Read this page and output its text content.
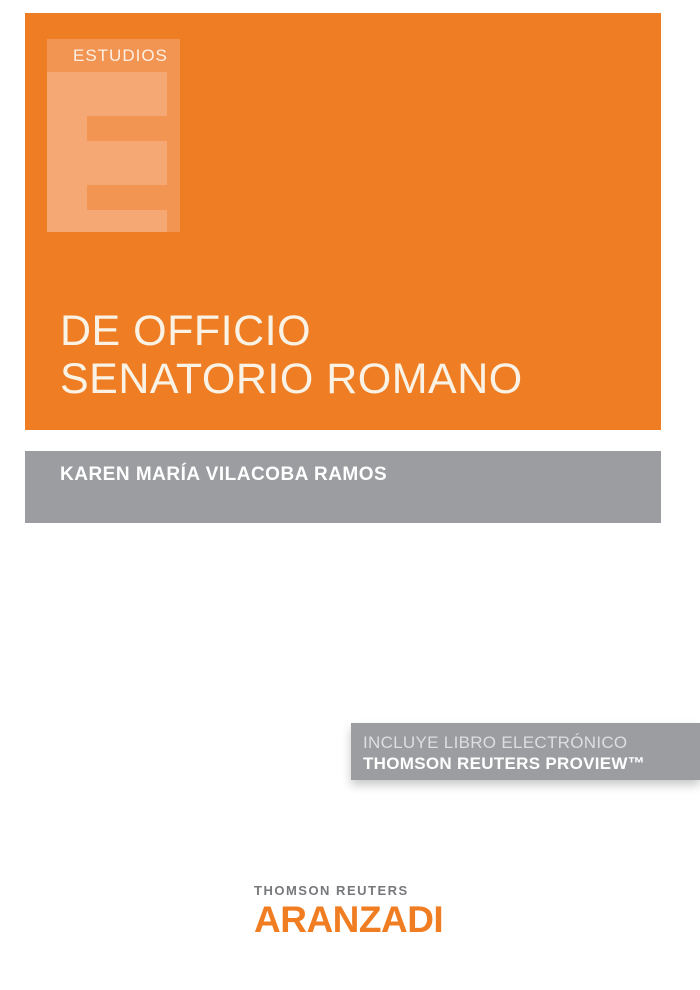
ESTUDIOS
DE OFFICIO
SENATORIO ROMANO
KAREN MARÍA VILACOBA RAMOS
INCLUYE LIBRO ELECTRÓNICO
THOMSON REUTERS PROVIEW™
THOMSON REUTERS
ARANZADI
